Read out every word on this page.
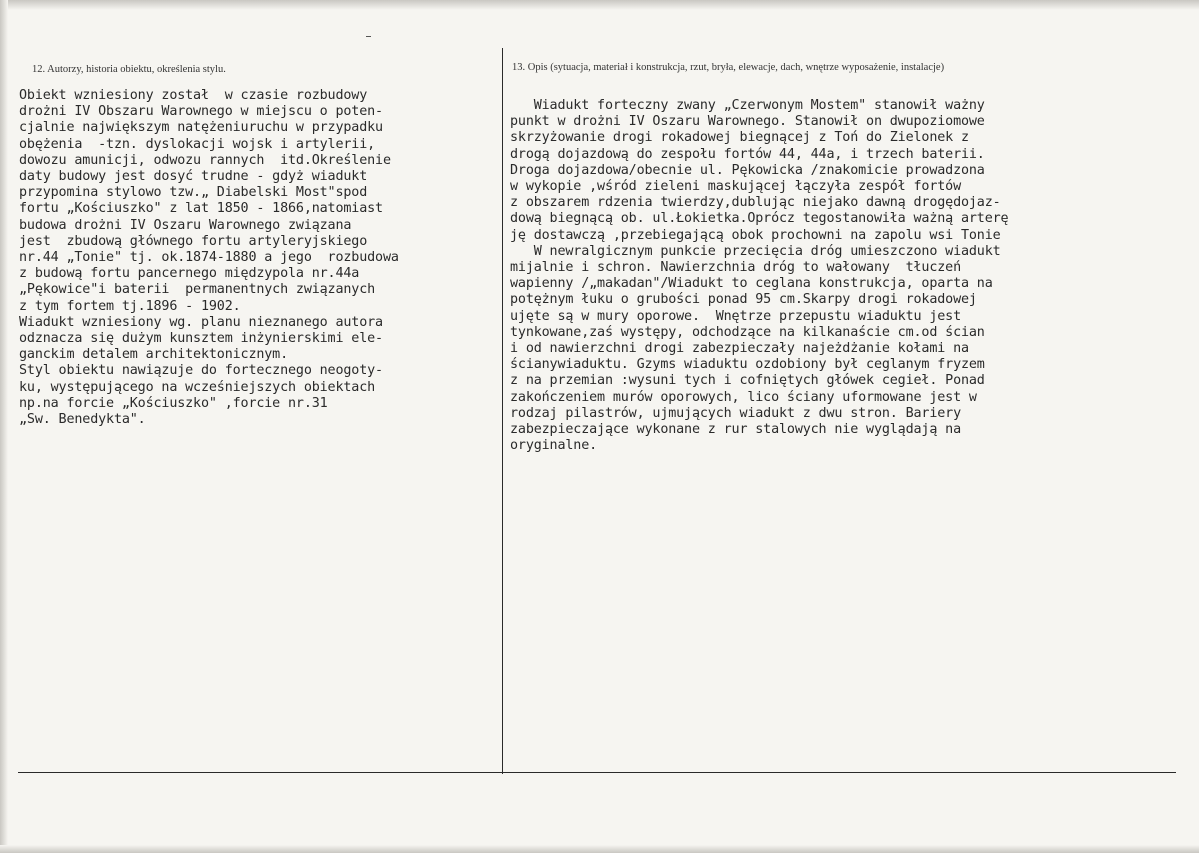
12. Autorzy, historia obiektu, określenia stylu.	13. Opis (sytuacja, materiał i konstrukcja, rzut, bryła, elewacje, dach, wnętrze wyposażenie, instalacje)
Obiekt wzniesiony został  w czasie rozbudowy
drożni IV Obszaru Warownego w miejscu o poten-
cjalnie największym natężeniuruchu w przypadku
obężenia  -tzn. dyslokacji wojsk i artylerii,
dowozu amunicji, odwozu rannych  itd.Określenie
daty budowy jest dosyć trudne - gdyż wiadukt
przypomina stylowo tzw.„ Diabelski Most"spod
fortu „Kościuszko" z lat 1850 - 1866,natomiast
budowa drożni IV Oszaru Warownego związana
jest  zbudową głównego fortu artyleryjskiego
nr.44 „Tonie" tj. ok.1874-1880 a jego  rozbudowa
z budową fortu pancernego międzypola nr.44a
„Pękowice"i baterii  permanentnych związanych
z tym fortem tj.1896 - 1902.
Wiadukt wzniesiony wg. planu nieznanego autora
odznacza się dużym kunsztem inżynierskimi ele-
ganckim detalem architektonicznym.
Styl obiektu nawiązuje do fortecznego neogoty-
ku, występującego na wcześniejszych obiektach
np.na forcie „Kościuszko" ,forcie nr.31
„Sw. Benedykta".
Wiadukt forteczny zwany „Czerwonym Mostem" stanowił ważny
punkt w drożni IV Oszaru Warownego. Stanowił on dwupoziomowe
skrzyżowanie drogi rokadowej biegnącej z Toń do Zielonek z
drogą dojazdową do zespołu fortów 44, 44a, i trzech baterii.
Droga dojazdowa/obecnie ul. Pękowicka /znakomicie prowadzona
w wykopie ,wśród zieleni maskującej łączyła zespół fortów
z obszarem rdzenia twierdzy,dublując niejako dawną drogędojaz-
dową biegnącą ob. ul.Łokietka.Oprócz tegostanowiła ważną arterę
ję dostawczą ,przebiegającą obok prochowni na zapolu wsi Tonie
W newralgicznym punkcie przecięcia dróg umieszczono wiadukt
mijalnie i schron. Nawierzchnia dróg to wałowany  tłuczeń
wapienny /„makadan"/Wiadukt to ceglana konstrukcja, oparta na
potężnym łuku o grubości ponad 95 cm.Skarpy drogi rokadowej
ujęte są w mury oporowe.  Wnętrze przepustu wiaduktu jest
tynkowane,zaś występy, odchodzące na kilkanaście cm.od ścian
i od nawierzchni drogi zabezpieczały najeżdżanie kołami na
ścianywiaduktu. Gzyms wiaduktu ozdobiony był ceglanym fryzem
z na przemian :wysuni tych i cofniętych główek cegieł. Ponad
zakończeniem murów oporowych, lico ściany uformowane jest w
rodzaj pilastrów, ujmujących wiadukt z dwu stron. Bariery
zabezpieczające wykonane z rur stalowych nie wyglądają na
oryginalne.
